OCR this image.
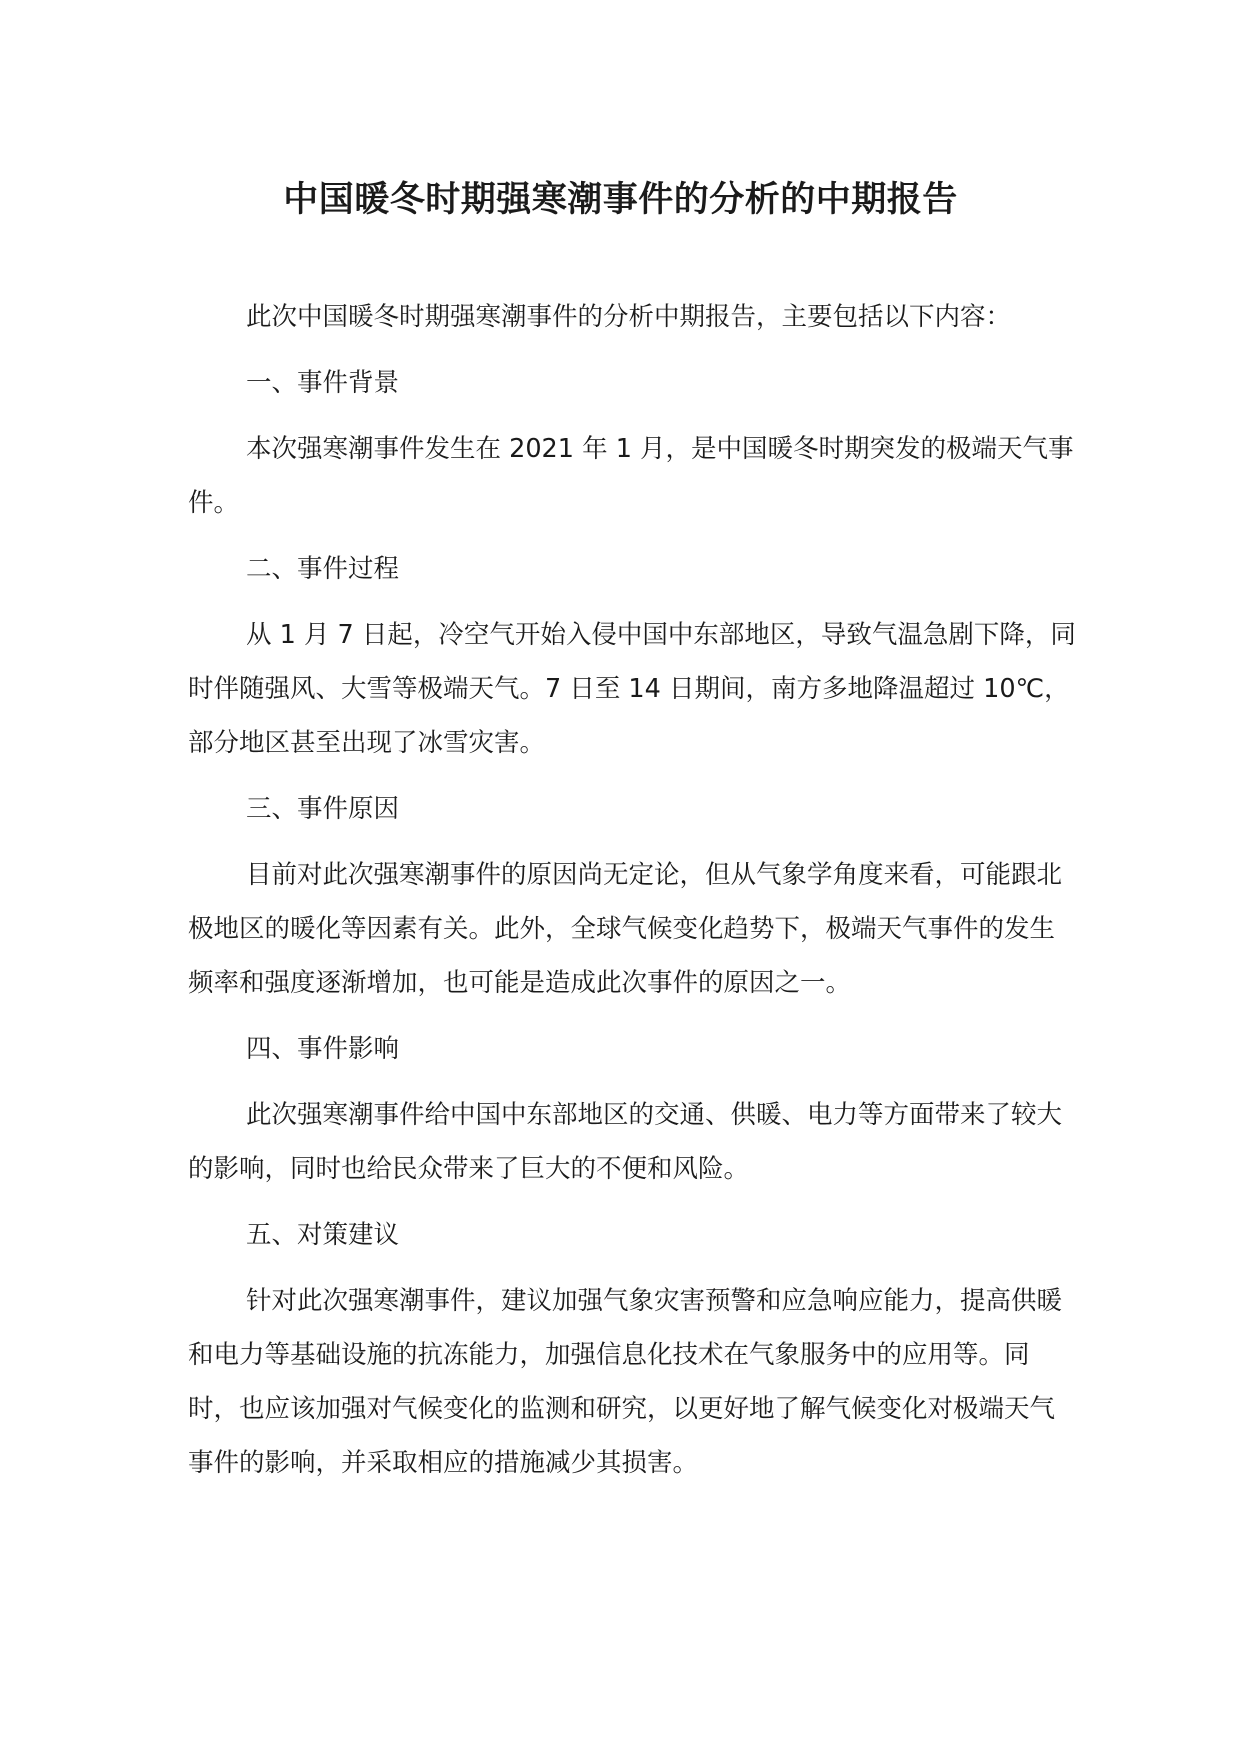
中国暖冬时期强寒潮事件的分析的中期报告

此次中国暖冬时期强寒潮事件的分析中期报告，主要包括以下内容：

一、事件背景

本次强寒潮事件发生在 2021 年 1 月，是中国暖冬时期突发的极端天气事件。

二、事件过程

从 1 月 7 日起，冷空气开始入侵中国中东部地区，导致气温急剧下降，同时伴随强风、大雪等极端天气。7 日至 14 日期间，南方多地降温超过 10℃，部分地区甚至出现了冰雪灾害。

三、事件原因

目前对此次强寒潮事件的原因尚无定论，但从气象学角度来看，可能跟北极地区的暖化等因素有关。此外，全球气候变化趋势下，极端天气事件的发生频率和强度逐渐增加，也可能是造成此次事件的原因之一。

四、事件影响

此次强寒潮事件给中国中东部地区的交通、供暖、电力等方面带来了较大的影响，同时也给民众带来了巨大的不便和风险。

五、对策建议

针对此次强寒潮事件，建议加强气象灾害预警和应急响应能力，提高供暖和电力等基础设施的抗冻能力，加强信息化技术在气象服务中的应用等。同时，也应该加强对气候变化的监测和研究，以更好地了解气候变化对极端天气事件的影响，并采取相应的措施减少其损害。
